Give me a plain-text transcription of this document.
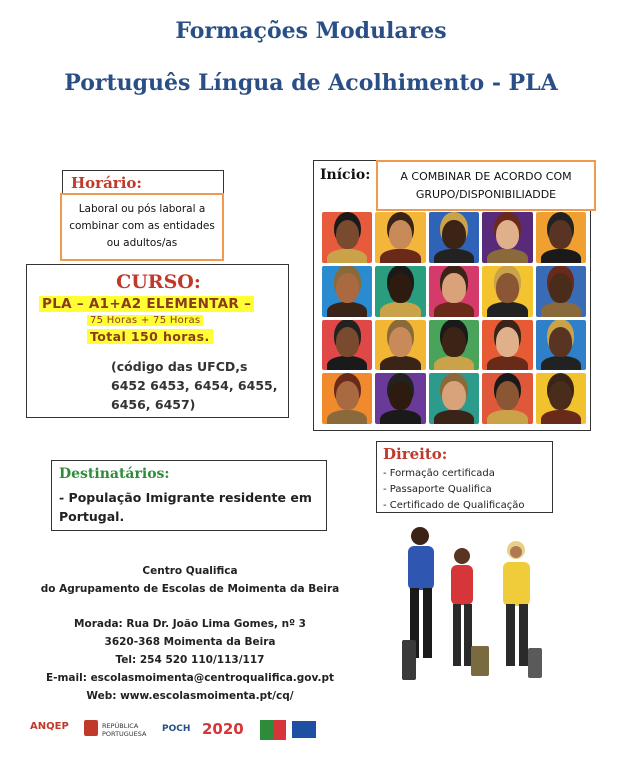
Formações Modulares
Português Língua de Acolhimento - PLA
Horário:
Laboral ou pós laboral a combinar com as entidades ou adultos/as
CURSO:
PLA – A1+A2 ELEMENTAR –
75 Horas + 75 Horas
Total 150 horas.
(código das UFCD,s 6452 6453, 6454, 6455, 6456, 6457)
Início:	A COMBINAR DE ACORDO COM GRUPO/DISPONIBILIADDE
Direito:
- Formação certificada
- Passaporte Qualifica
- Certificado de Qualificação
Destinatários:
- População Imigrante residente em Portugal.
Centro Qualifica
do Agrupamento de Escolas de Moimenta da Beira
Morada: Rua Dr. João Lima Gomes, nº 3
3620-368 Moimenta da Beira
Tel: 254 520 110/113/117
E-mail: escolasmoimenta@centroqualifica.gov.pt
Web: www.escolasmoimenta.pt/cq/
ANQEP	REPÚBLICA PORTUGUESA	POCH 2020
